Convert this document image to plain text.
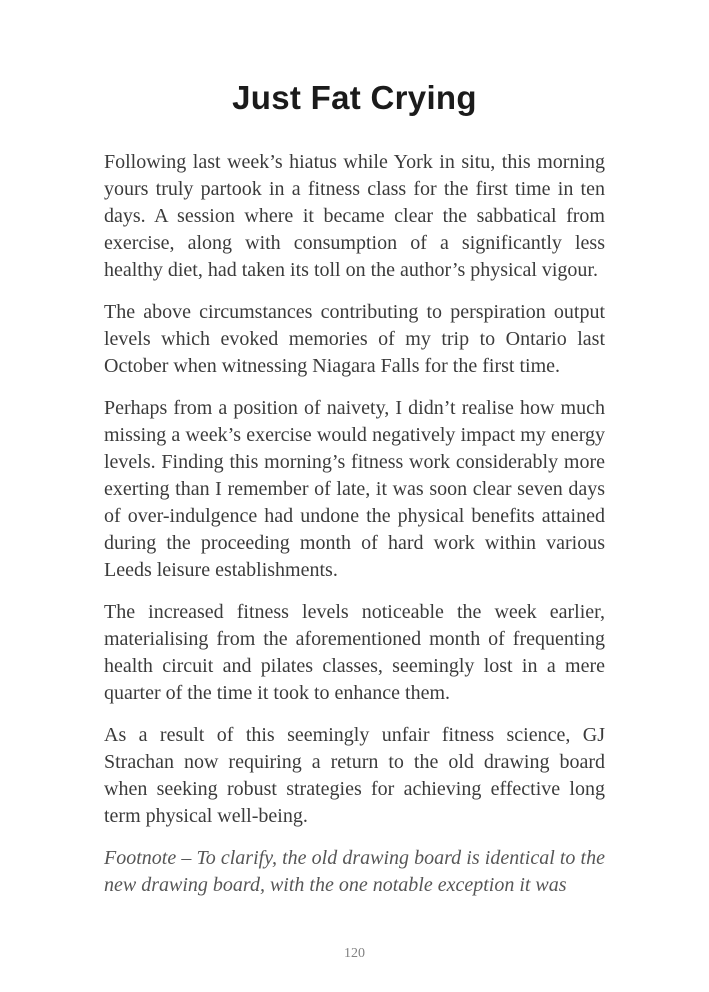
Just Fat Crying

Following last week’s hiatus while York in situ, this morning yours truly partook in a fitness class for the first time in ten days. A session where it became clear the sabbatical from exercise, along with consumption of a significantly less healthy diet, had taken its toll on the author’s physical vigour.

The above circumstances contributing to perspiration output levels which evoked memories of my trip to Ontario last October when witnessing Niagara Falls for the first time.

Perhaps from a position of naivety, I didn’t realise how much missing a week’s exercise would negatively impact my energy levels. Finding this morning’s fitness work considerably more exerting than I remember of late, it was soon clear seven days of over-indulgence had undone the physical benefits attained during the proceeding month of hard work within various Leeds leisure establishments.

The increased fitness levels noticeable the week earlier, materialising from the aforementioned month of frequenting health circuit and pilates classes, seemingly lost in a mere quarter of the time it took to enhance them.

As a result of this seemingly unfair fitness science, GJ Strachan now requiring a return to the old drawing board when seeking robust strategies for achieving effective long term physical well-being.

Footnote – To clarify, the old drawing board is identical to the new drawing board, with the one notable exception it was

120
